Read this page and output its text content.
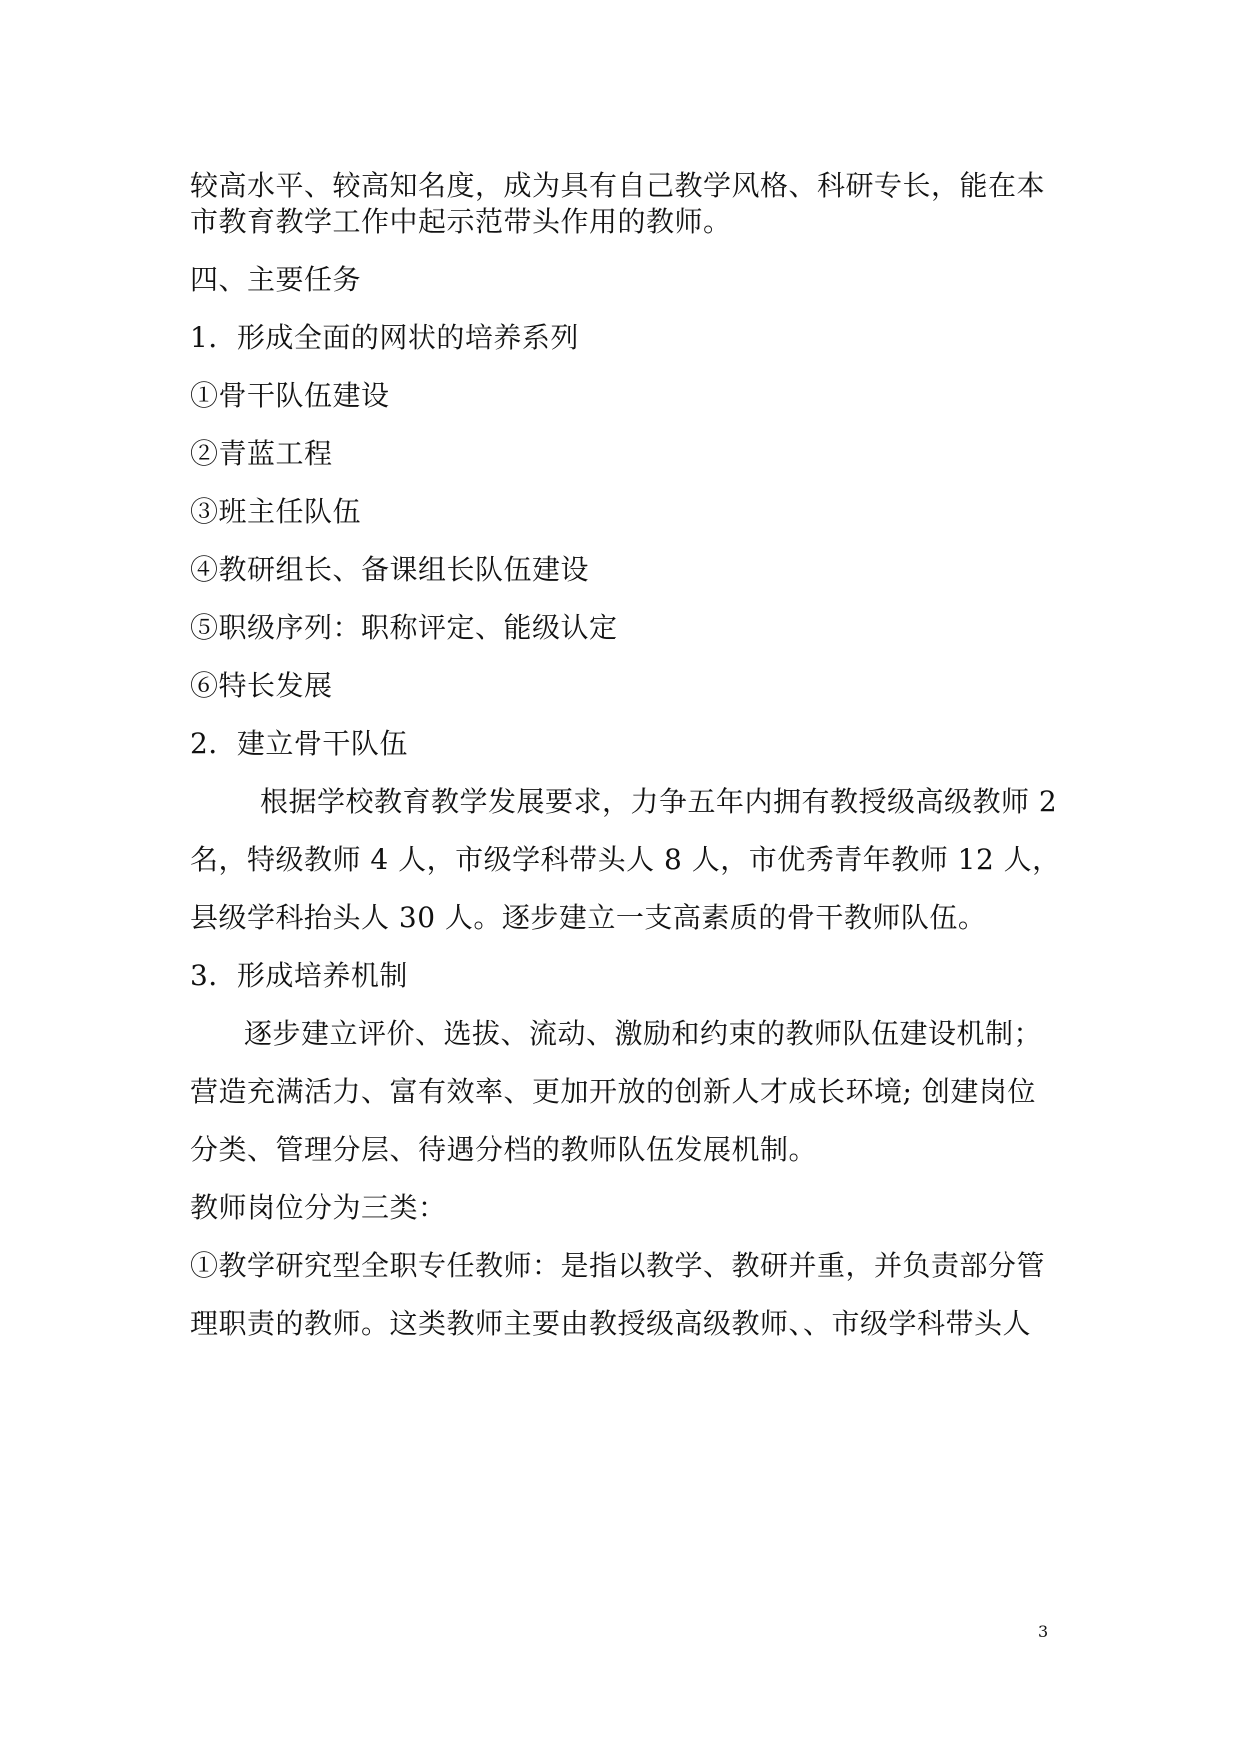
较高水平、较高知名度，成为具有自己教学风格、科研专长，能在本
市教育教学工作中起示范带头作用的教师。
四、主要任务
1．形成全面的网状的培养系列
①骨干队伍建设
②青蓝工程
③班主任队伍
④教研组长、备课组长队伍建设
⑤职级序列：职称评定、能级认定
⑥特长发展
2．建立骨干队伍
根据学校教育教学发展要求，力争五年内拥有教授级高级教师 2
名，特级教师 4 人，市级学科带头人 8 人，市优秀青年教师 12 人，
县级学科抬头人 30 人。逐步建立一支高素质的骨干教师队伍。
3．形成培养机制
逐步建立评价、选拔、流动、激励和约束的教师队伍建设机制；
营造充满活力、富有效率、更加开放的创新人才成长环境; 创建岗位
分类、管理分层、待遇分档的教师队伍发展机制。
教师岗位分为三类：
①教学研究型全职专任教师：是指以教学、教研并重，并负责部分管
理职责的教师。这类教师主要由教授级高级教师、、市级学科带头人
3
